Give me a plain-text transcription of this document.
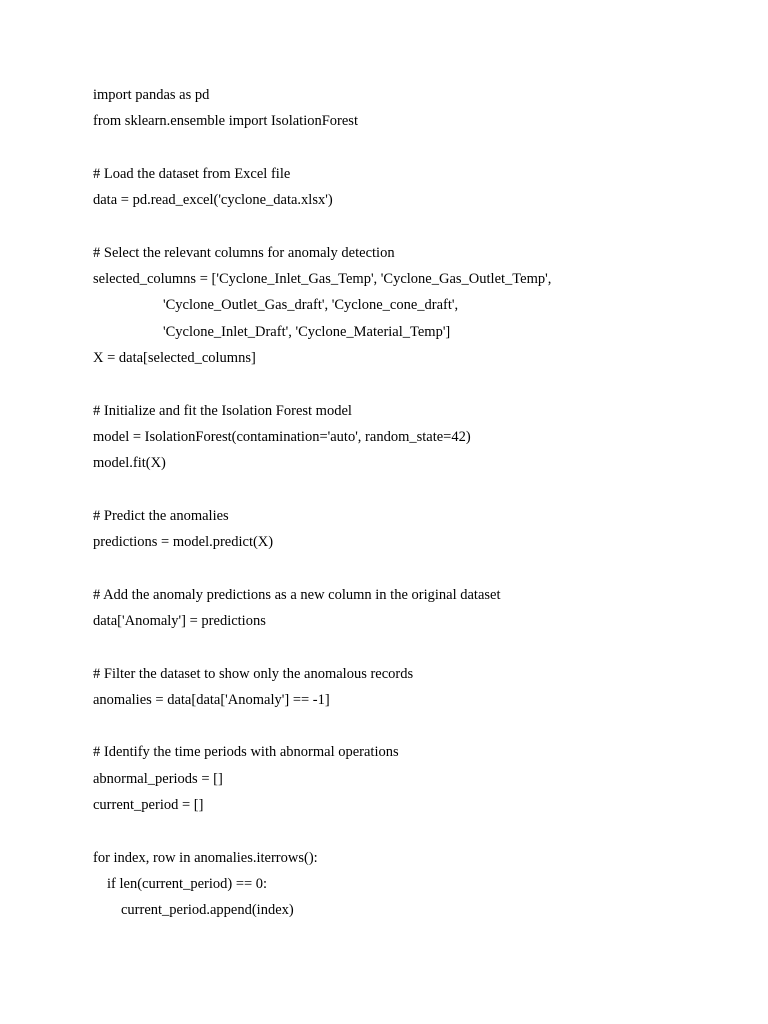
import pandas as pd
from sklearn.ensemble import IsolationForest
# Load the dataset from Excel file
data = pd.read_excel('cyclone_data.xlsx')
# Select the relevant columns for anomaly detection
selected_columns = ['Cyclone_Inlet_Gas_Temp', 'Cyclone_Gas_Outlet_Temp',
'Cyclone_Outlet_Gas_draft', 'Cyclone_cone_draft',
'Cyclone_Inlet_Draft', 'Cyclone_Material_Temp']
X = data[selected_columns]
# Initialize and fit the Isolation Forest model
model = IsolationForest(contamination='auto', random_state=42)
model.fit(X)
# Predict the anomalies
predictions = model.predict(X)
# Add the anomaly predictions as a new column in the original dataset
data['Anomaly'] = predictions
# Filter the dataset to show only the anomalous records
anomalies = data[data['Anomaly'] == -1]
# Identify the time periods with abnormal operations
abnormal_periods = []
current_period = []
for index, row in anomalies.iterrows():
if len(current_period) == 0:
current_period.append(index)
